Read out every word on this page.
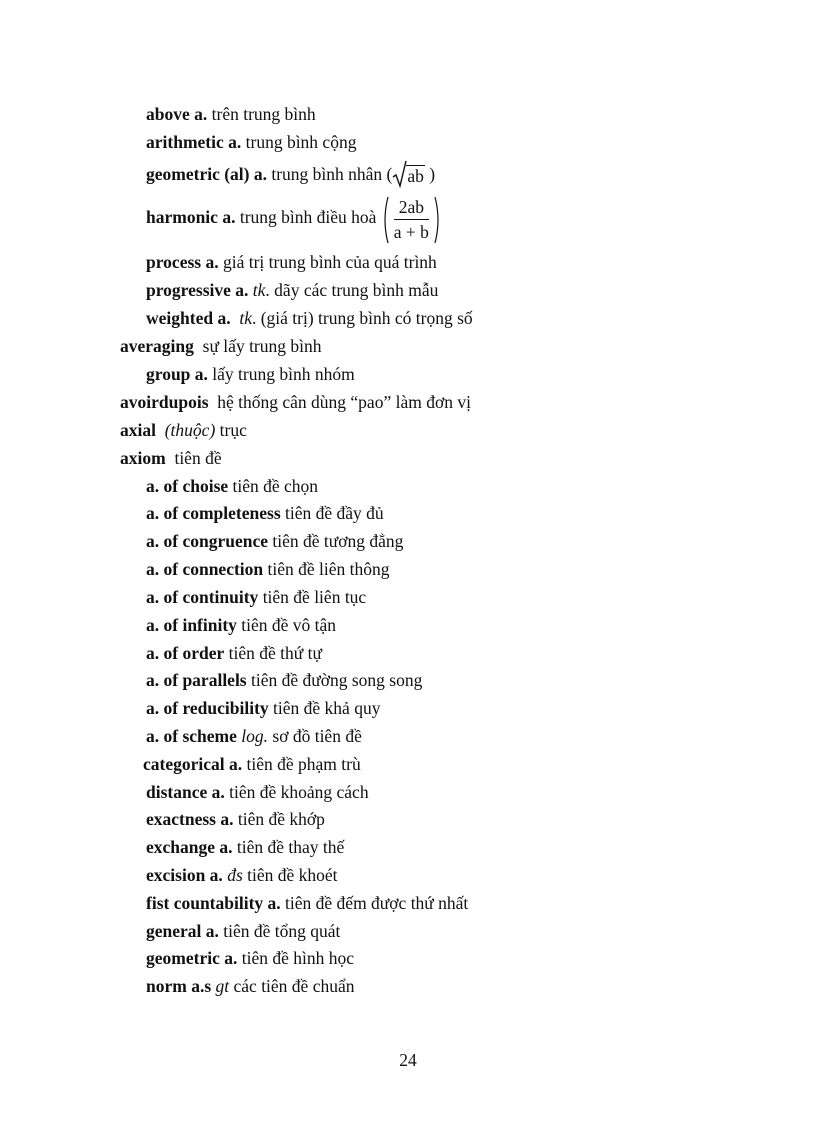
above a. trên trung bình
arithmetic a. trung bình cộng
geometric (al) a. trung bình nhân ( ab )
harmonic a. trung bình điều hoà $\frac{2ab}{a + b}$
process a. giá trị trung bình của quá trình
progressive a. tk. dãy các trung bình mẫu
weighted a. tk. (giá trị) trung bình có trọng số
averaging sự lấy trung bình
group a. lấy trung bình nhóm
avoirdupois hệ thống cân dùng “pao” làm đơn vị
axial (thuộc) trục
axiom tiên đề
a. of choise tiên đề chọn
a. of completeness tiên đề đầy đủ
a. of congruence tiên đề tương đẳng
a. of connection tiên đề liên thông
a. of continuity tiên đề liên tục
a. of infinity tiên đề vô tận
a. of order tiên đề thứ tự
a. of parallels tiên đề đường song song
a. of reducibility tiên đề khả quy
a. of scheme log. sơ đồ tiên đề
categorical a. tiên đề phạm trù
distance a. tiên đề khoảng cách
exactness a. tiên đề khớp
exchange a. tiên đề thay thế
excision a. đs tiên đề khoét
fist countability a. tiên đề đếm được thứ nhất
general a. tiên đề tổng quát
geometric a. tiên đề hình học
norm a.s gt các tiên đề chuẩn
24
